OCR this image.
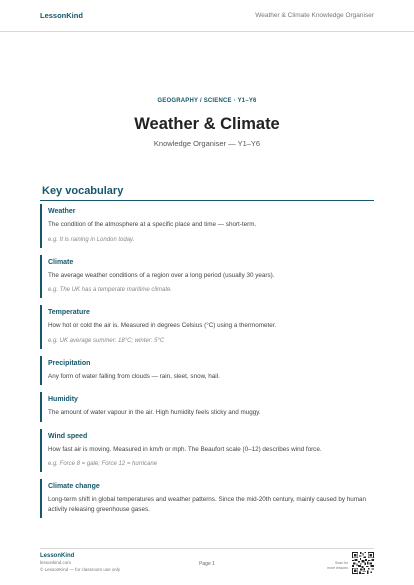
LessonKind	Weather & Climate Knowledge Organiser
GEOGRAPHY / SCIENCE · Y1–Y6
Weather & Climate
Knowledge Organiser — Y1–Y6
Key vocabulary
Weather
The condition of the atmosphere at a specific place and time — short-term.
e.g. It is raining in London today.
Climate
The average weather conditions of a region over a long period (usually 30 years).
e.g. The UK has a temperate maritime climate.
Temperature
How hot or cold the air is. Measured in degrees Celsius (°C) using a thermometer.
e.g. UK average summer: 18°C; winter: 5°C
Precipitation
Any form of water falling from clouds — rain, sleet, snow, hail.
Humidity
The amount of water vapour in the air. High humidity feels sticky and muggy.
Wind speed
How fast air is moving. Measured in km/h or mph. The Beaufort scale (0–12) describes wind force.
e.g. Force 8 = gale; Force 12 = hurricane
Climate change
Long-term shift in global temperatures and weather patterns. Since the mid-20th century, mainly caused by human activity releasing greenhouse gases.
LessonKind
lessonkind.com
© LessonKind — for classroom use only
Page 1	Scan for
more lessons
